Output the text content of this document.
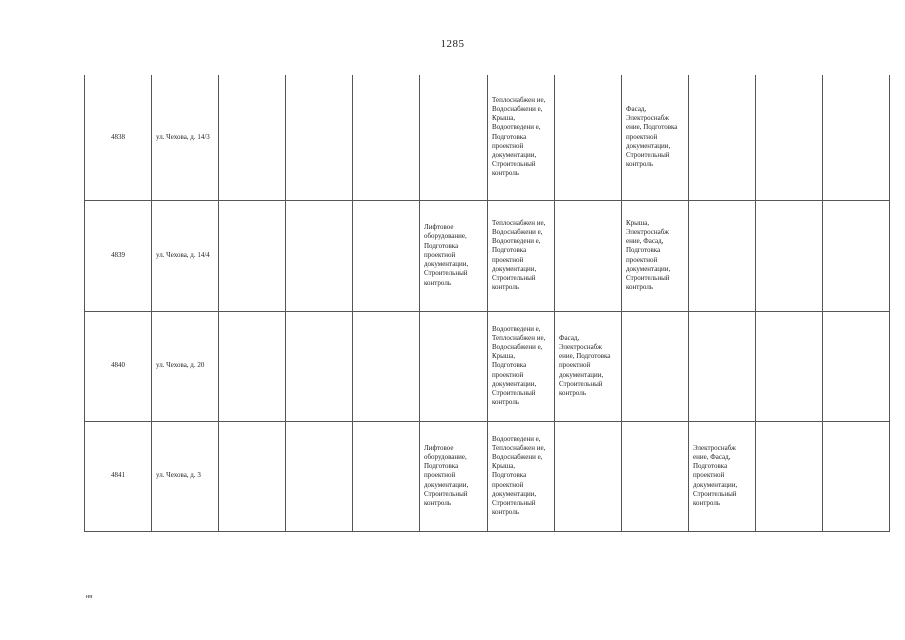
1285
4838	ул. Чехова, д. 14/3					Теплоснабжен ие, Водоснабжени е, Крыша, Водоотведени е, Подготовка проектной документации, Строительный контроль		Фасад, Электроснабж ение, Подготовка проектной документации, Строительный контроль			
4839	ул. Чехова, д. 14/4				Лифтовое оборудование, Подготовка проектной документации, Строительный контроль	Теплоснабжен ие, Водоснабжени е, Водоотведени е, Подготовка проектной документации, Строительный контроль		Крыша, Электроснабж ение, Фасад, Подготовка проектной документации, Строительный контроль			
4840	ул. Чехова, д. 20					Водоотведени е, Теплоснабжен ие, Водоснабжени е, Крыша, Подготовка проектной документации, Строительный контроль	Фасад, Электроснабж ение, Подготовка проектной документации, Строительный контроль				
4841	ул. Чехова, д. 3				Лифтовое оборудование, Подготовка проектной документации, Строительный контроль	Водоотведени е, Теплоснабжен ие, Водоснабжени е, Крыша, Подготовка проектной документации, Строительный контроль			Электроснабж ение, Фасад, Подготовка проектной документации, Строительный контроль		
нн
